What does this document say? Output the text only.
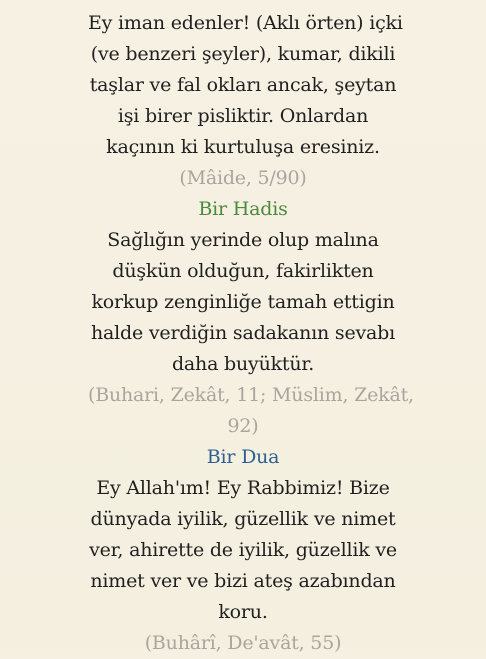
Ey iman edenler! (Aklı örten) içki
(ve benzeri şeyler), kumar, dikili
taşlar ve fal okları ancak, şeytan
işi birer pisliktir. Onlardan
kaçının ki kurtuluşa eresiniz.
(Mâide, 5/90)
Bir Hadis
Sağlığın yerinde olup malına
düşkün olduğun, fakirlikten
korkup zenginliğe tamah ettigin
halde verdiğin sadakanın sevabı
daha buyüktür.
(Buhari, Zekât, 11; Müslim, Zekât,
92)
Bir Dua
Ey Allah'ım! Ey Rabbimiz! Bize
dünyada iyilik, güzellik ve nimet
ver, ahirette de iyilik, güzellik ve
nimet ver ve bizi ateş azabından
koru.
(Buhârî, De'avât, 55)
